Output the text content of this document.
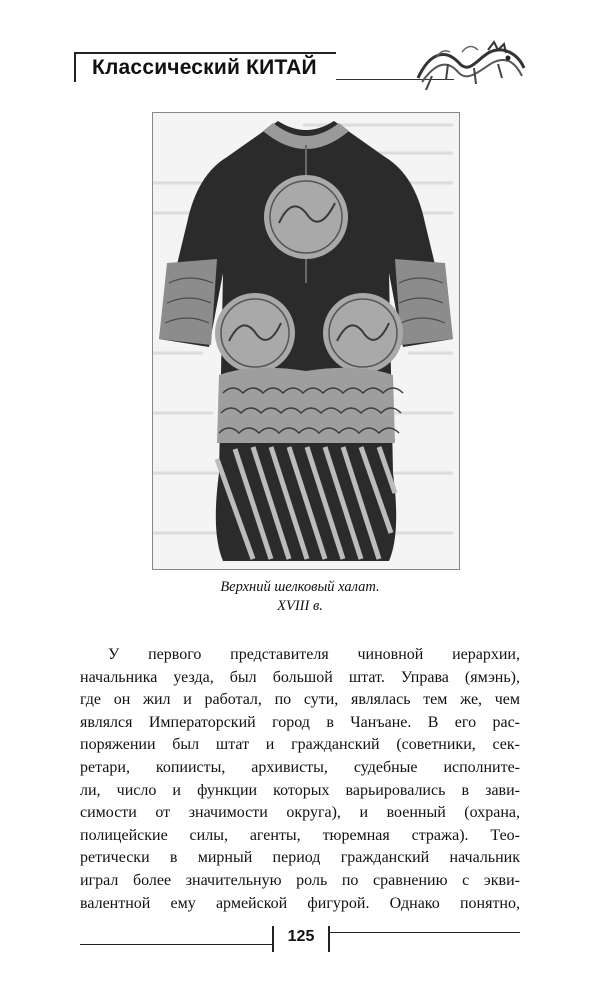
Классический КИТАЙ
Верхний шелковый халат.
XVIII в.
У первого представителя чиновной иерархии,
начальника уезда, был большой штат. Управа (ямэнь),
где он жил и работал, по сути, являлась тем же, чем
являлся Императорский город в Чанъане. В его рас-
поряжении был штат и гражданский (советники, сек-
ретари, копиисты, архивисты, судебные исполните-
ли, число и функции которых варьировались в зави-
симости от значимости округа), и военный (охрана,
полицейские силы, агенты, тюремная стража). Тео-
ретически в мирный период гражданский начальник
играл более значительную роль по сравнению с экви-
валентной ему армейской фигурой. Однако понятно,
125
